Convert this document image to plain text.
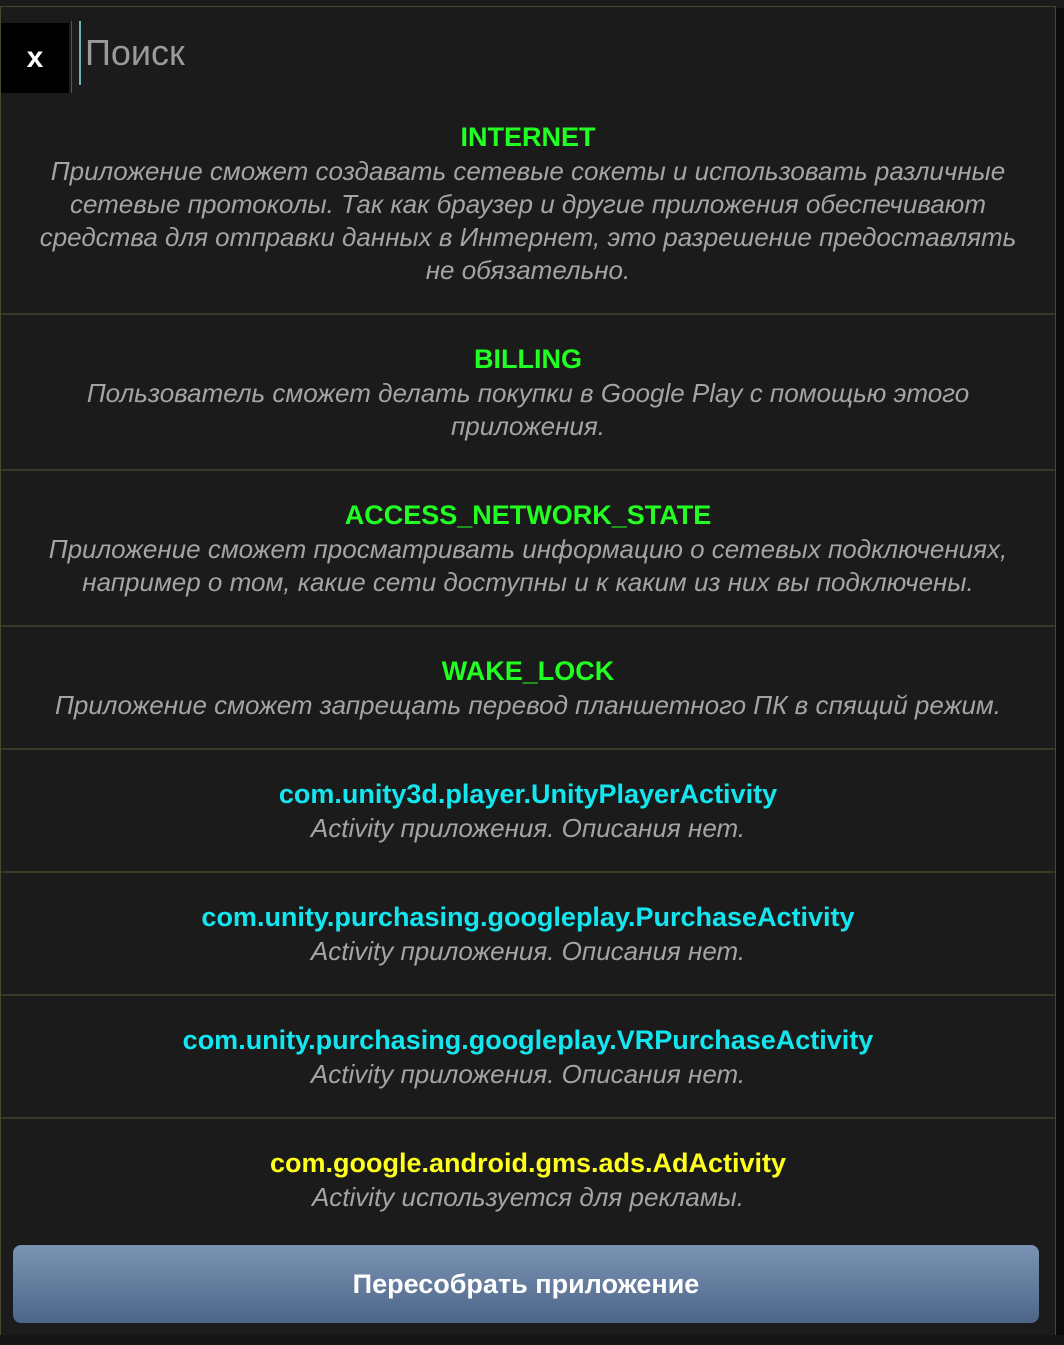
x
Поиск
INTERNET
Приложение сможет создавать сетевые сокеты и использовать различные сетевые протоколы. Так как браузер и другие приложения обеспечивают средства для отправки данных в Интернет, это разрешение предоставлять не обязательно.
BILLING
Пользователь сможет делать покупки в Google Play с помощью этого приложения.
ACCESS_NETWORK_STATE
Приложение сможет просматривать информацию о сетевых подключениях, например о том, какие сети доступны и к каким из них вы подключены.
WAKE_LOCK
Приложение сможет запрещать перевод планшетного ПК в спящий режим.
com.unity3d.player.UnityPlayerActivity
Activity приложения. Описания нет.
com.unity.purchasing.googleplay.PurchaseActivity
Activity приложения. Описания нет.
com.unity.purchasing.googleplay.VRPurchaseActivity
Activity приложения. Описания нет.
com.google.android.gms.ads.AdActivity
Activity используется для рекламы.
Пересобрать приложение
